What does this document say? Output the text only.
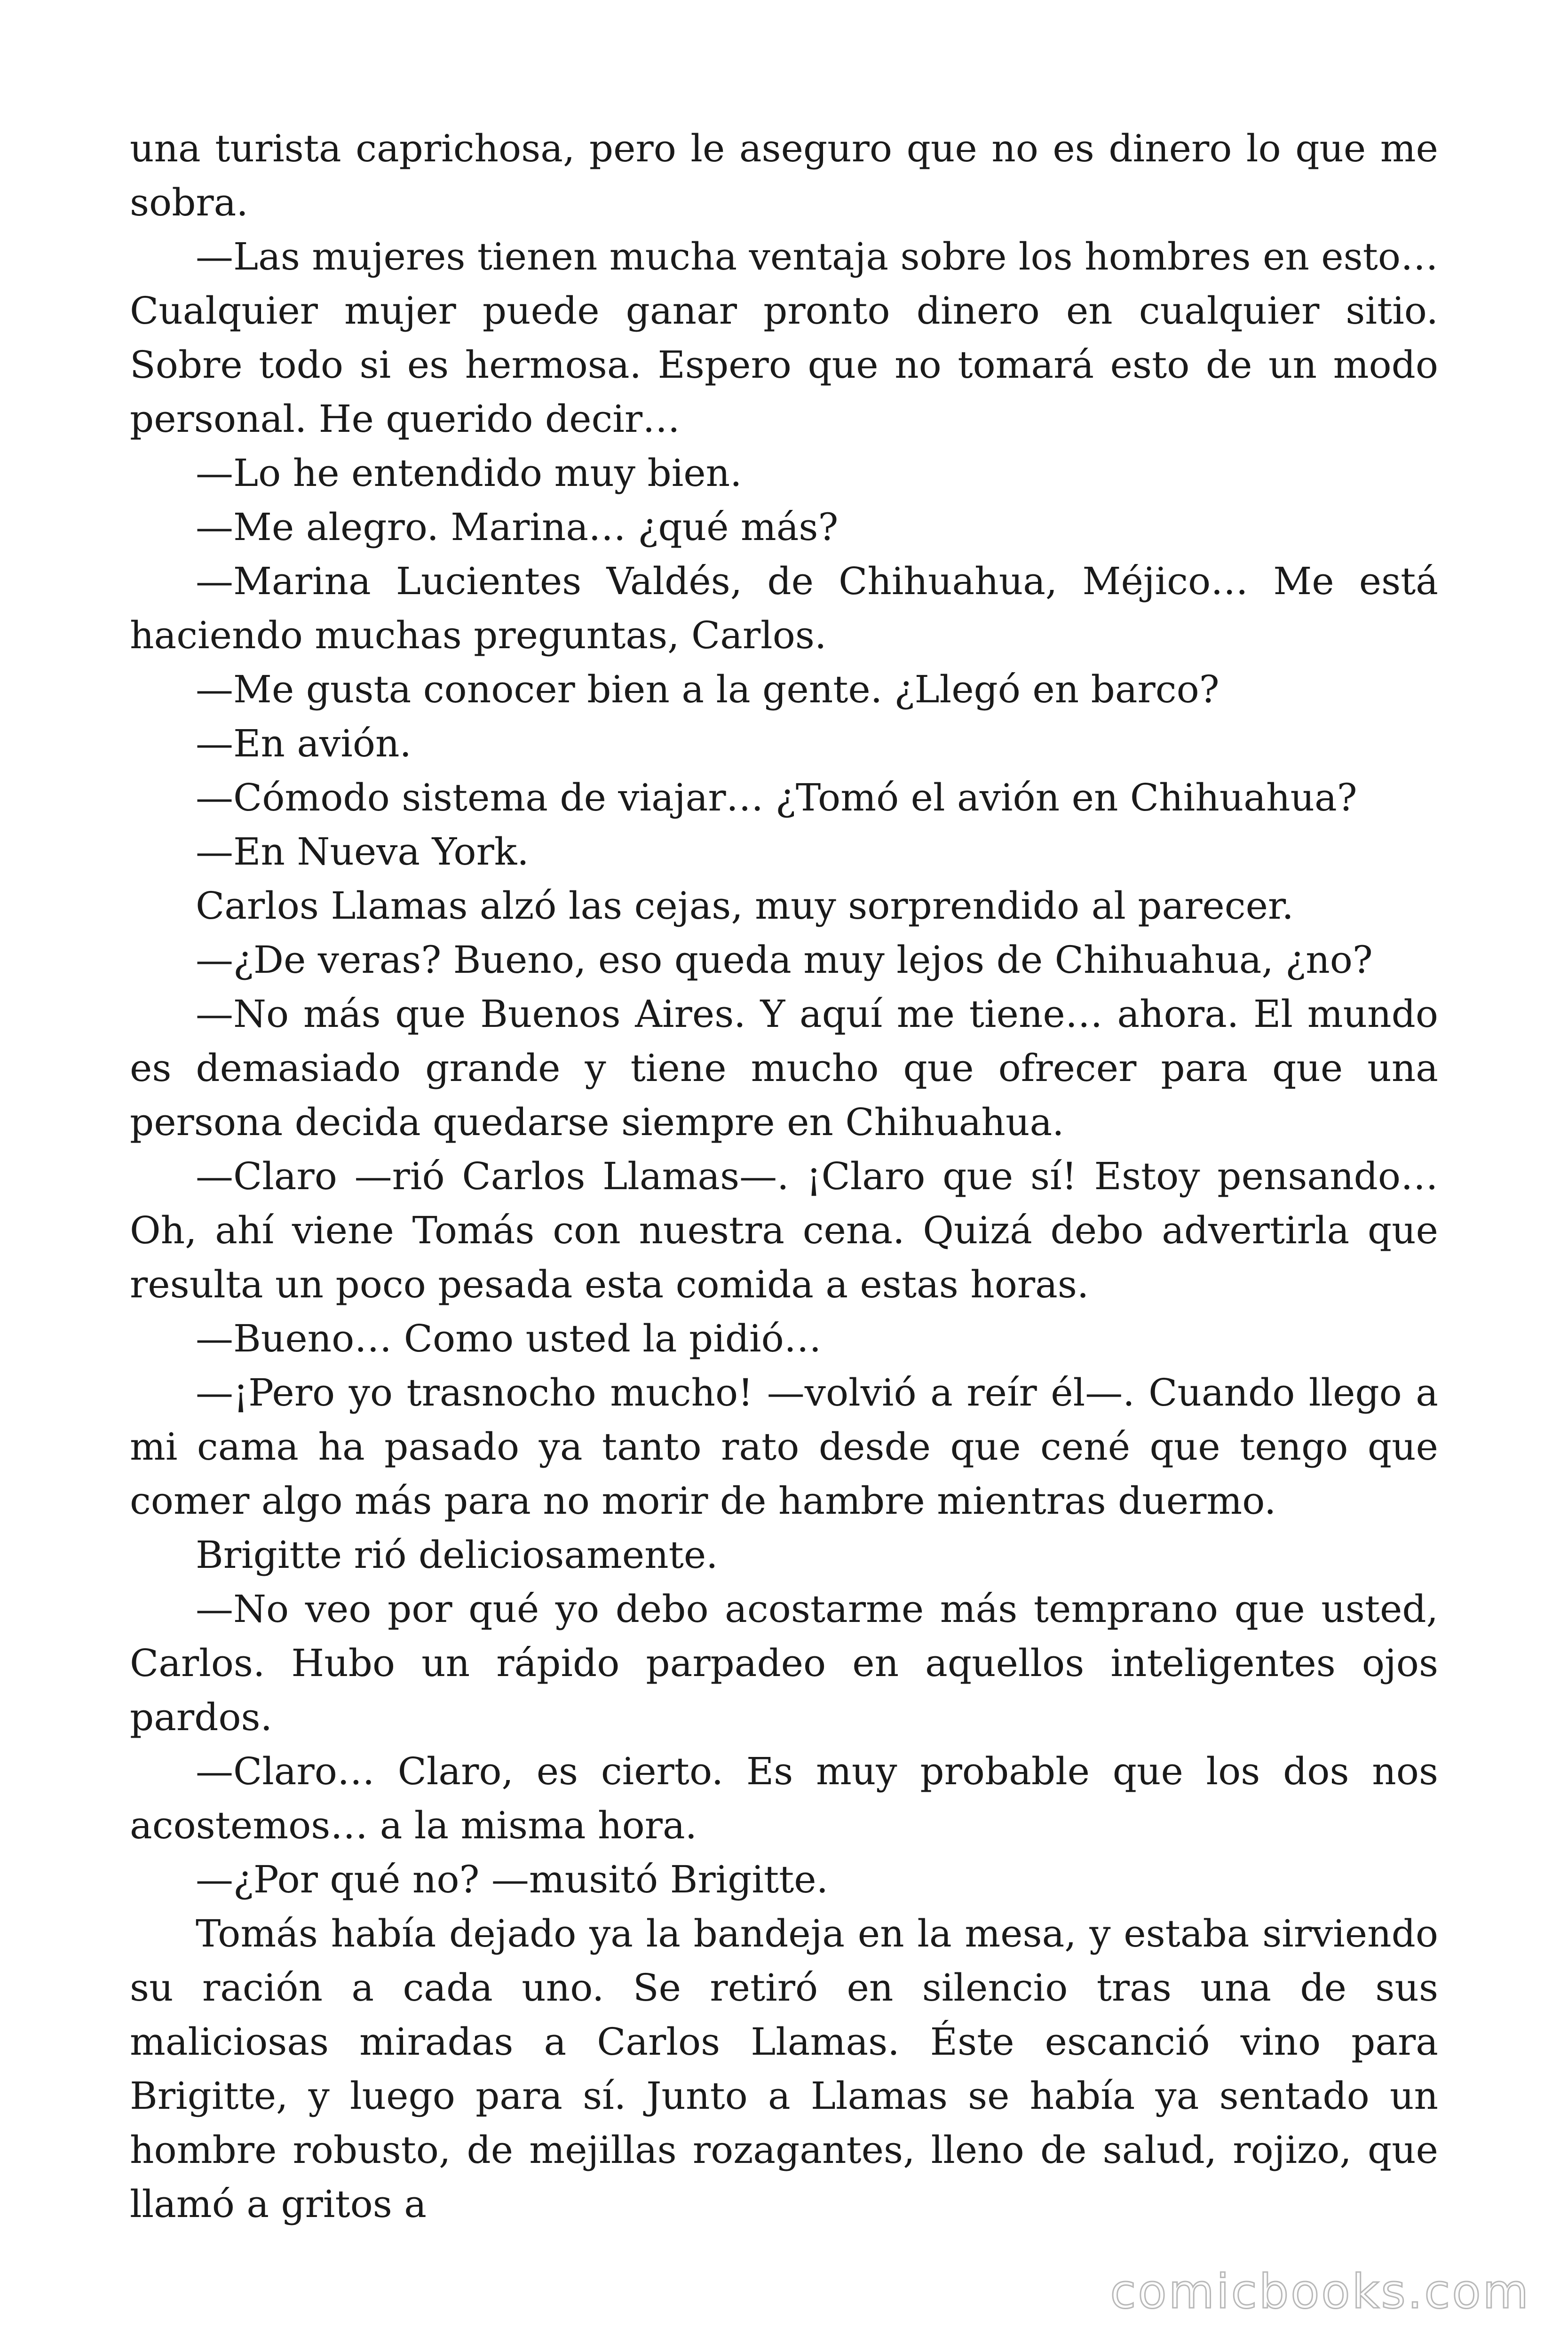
una turista caprichosa, pero le aseguro que no es dinero lo que me sobra.

—Las mujeres tienen mucha ventaja sobre los hombres en esto… Cualquier mujer puede ganar pronto dinero en cualquier sitio. Sobre todo si es hermosa. Espero que no tomará esto de un modo personal. He querido decir…

—Lo he entendido muy bien.

—Me alegro. Marina… ¿qué más?

—Marina Lucientes Valdés, de Chihuahua, Méjico… Me está haciendo muchas preguntas, Carlos.

—Me gusta conocer bien a la gente. ¿Llegó en barco?

—En avión.

—Cómodo sistema de viajar… ¿Tomó el avión en Chihuahua?

—En Nueva York.

Carlos Llamas alzó las cejas, muy sorprendido al parecer.

—¿De veras? Bueno, eso queda muy lejos de Chihuahua, ¿no?

—No más que Buenos Aires. Y aquí me tiene… ahora. El mundo es demasiado grande y tiene mucho que ofrecer para que una persona decida quedarse siempre en Chihuahua.

—Claro —rió Carlos Llamas—. ¡Claro que sí! Estoy pensando… Oh, ahí viene Tomás con nuestra cena. Quizá debo advertirla que resulta un poco pesada esta comida a estas horas.

—Bueno… Como usted la pidió…

—¡Pero yo trasnocho mucho! —volvió a reír él—. Cuando llego a mi cama ha pasado ya tanto rato desde que cené que tengo que comer algo más para no morir de hambre mientras duermo.

Brigitte rió deliciosamente.

—No veo por qué yo debo acostarme más temprano que usted, Carlos. Hubo un rápido parpadeo en aquellos inteligentes ojos pardos.

—Claro… Claro, es cierto. Es muy probable que los dos nos acostemos… a la misma hora.

—¿Por qué no? —musitó Brigitte.

Tomás había dejado ya la bandeja en la mesa, y estaba sirviendo su ración a cada uno. Se retiró en silencio tras una de sus maliciosas miradas a Carlos Llamas. Éste escanció vino para Brigitte, y luego para sí. Junto a Llamas se había ya sentado un hombre robusto, de mejillas rozagantes, lleno de salud, rojizo, que llamó a gritos a

comicbooks.com
